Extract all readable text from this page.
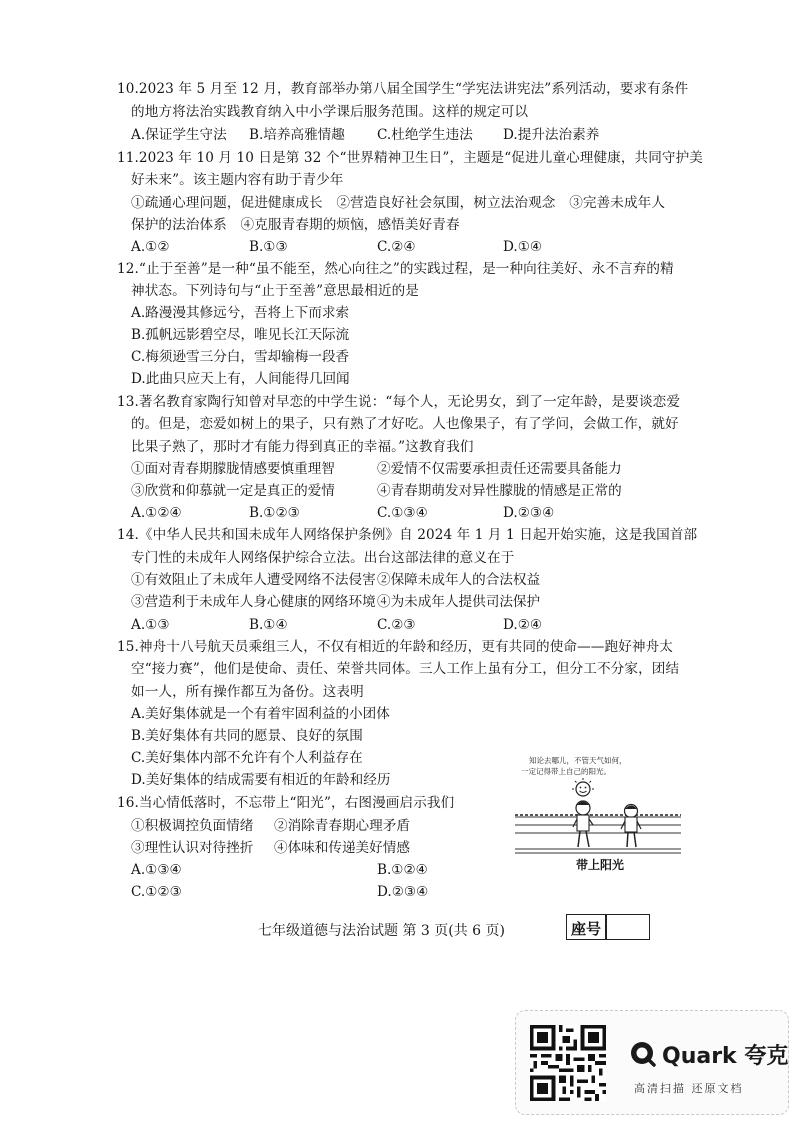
10.2023 年 5 月至 12 月，教育部举办第八届全国学生“学宪法讲宪法”系列活动，要求有条件
的地方将法治实践教育纳入中小学课后服务范围。这样的规定可以
A.保证学生守法 B.培养高雅情趣 C.杜绝学生违法 D.提升法治素养
11.2023 年 10 月 10 日是第 32 个“世界精神卫生日”，主题是“促进儿童心理健康，共同守护美
好未来”。该主题内容有助于青少年
①疏通心理问题，促进健康成长　②营造良好社会氛围，树立法治观念　③完善未成年人
保护的法治体系　④克服青春期的烦恼，感悟美好青春
A.①②	B.①③	C.②④	D.①④
12.“止于至善”是一种“虽不能至，然心向往之”的实践过程，是一种向往美好、永不言弃的精
神状态。下列诗句与“止于至善”意思最相近的是
A.路漫漫其修远兮，吾将上下而求索
B.孤帆远影碧空尽，唯见长江天际流
C.梅须逊雪三分白，雪却输梅一段香
D.此曲只应天上有，人间能得几回闻
13.著名教育家陶行知曾对早恋的中学生说：“每个人，无论男女，到了一定年龄，是要谈恋爱
的。但是，恋爱如树上的果子，只有熟了才好吃。人也像果子，有了学问，会做工作，就好
比果子熟了，那时才有能力得到真正的幸福。”这教育我们
①面对青春期朦胧情感要慎重理智	②爱情不仅需要承担责任还需要具备能力
③欣赏和仰慕就一定是真正的爱情	④青春期萌发对异性朦胧的情感是正常的
A.①②④	B.①②③	C.①③④	D.②③④
14.《中华人民共和国未成年人网络保护条例》自 2024 年 1 月 1 日起开始实施，这是我国首部
专门性的未成年人网络保护综合立法。出台这部法律的意义在于
①有效阻止了未成年人遭受网络不法侵害 ②保障未成年人的合法权益
③营造利于未成年人身心健康的网络环境 ④为未成年人提供司法保护
A.①③	B.①④	C.②③	D.②④
15.神舟十八号航天员乘组三人，不仅有相近的年龄和经历，更有共同的使命——跑好神舟太
空“接力赛”，他们是使命、责任、荣誉共同体。三人工作上虽有分工，但分工不分家，团结
如一人，所有操作都互为备份。这表明
A.美好集体就是一个有着牢固利益的小团体
B.美好集体有共同的愿景、良好的氛围
C.美好集体内部不允许有个人利益存在
D.美好集体的结成需要有相近的年龄和经历
16.当心情低落时，不忘带上“阳光”，右图漫画启示我们
①积极调控负面情绪 ②消除青春期心理矛盾
③理性认识对待挫折 ④体味和传递美好情感
A.①③④	B.①②④
C.①②③	D.②③④
知论去哪儿，不管天气如何，
一定记得带上自己的阳光。
带上阳光
七年级道德与法治试题 第 3 页(共 6 页)	座号
Quark 夸克
高清扫描 还原文档
